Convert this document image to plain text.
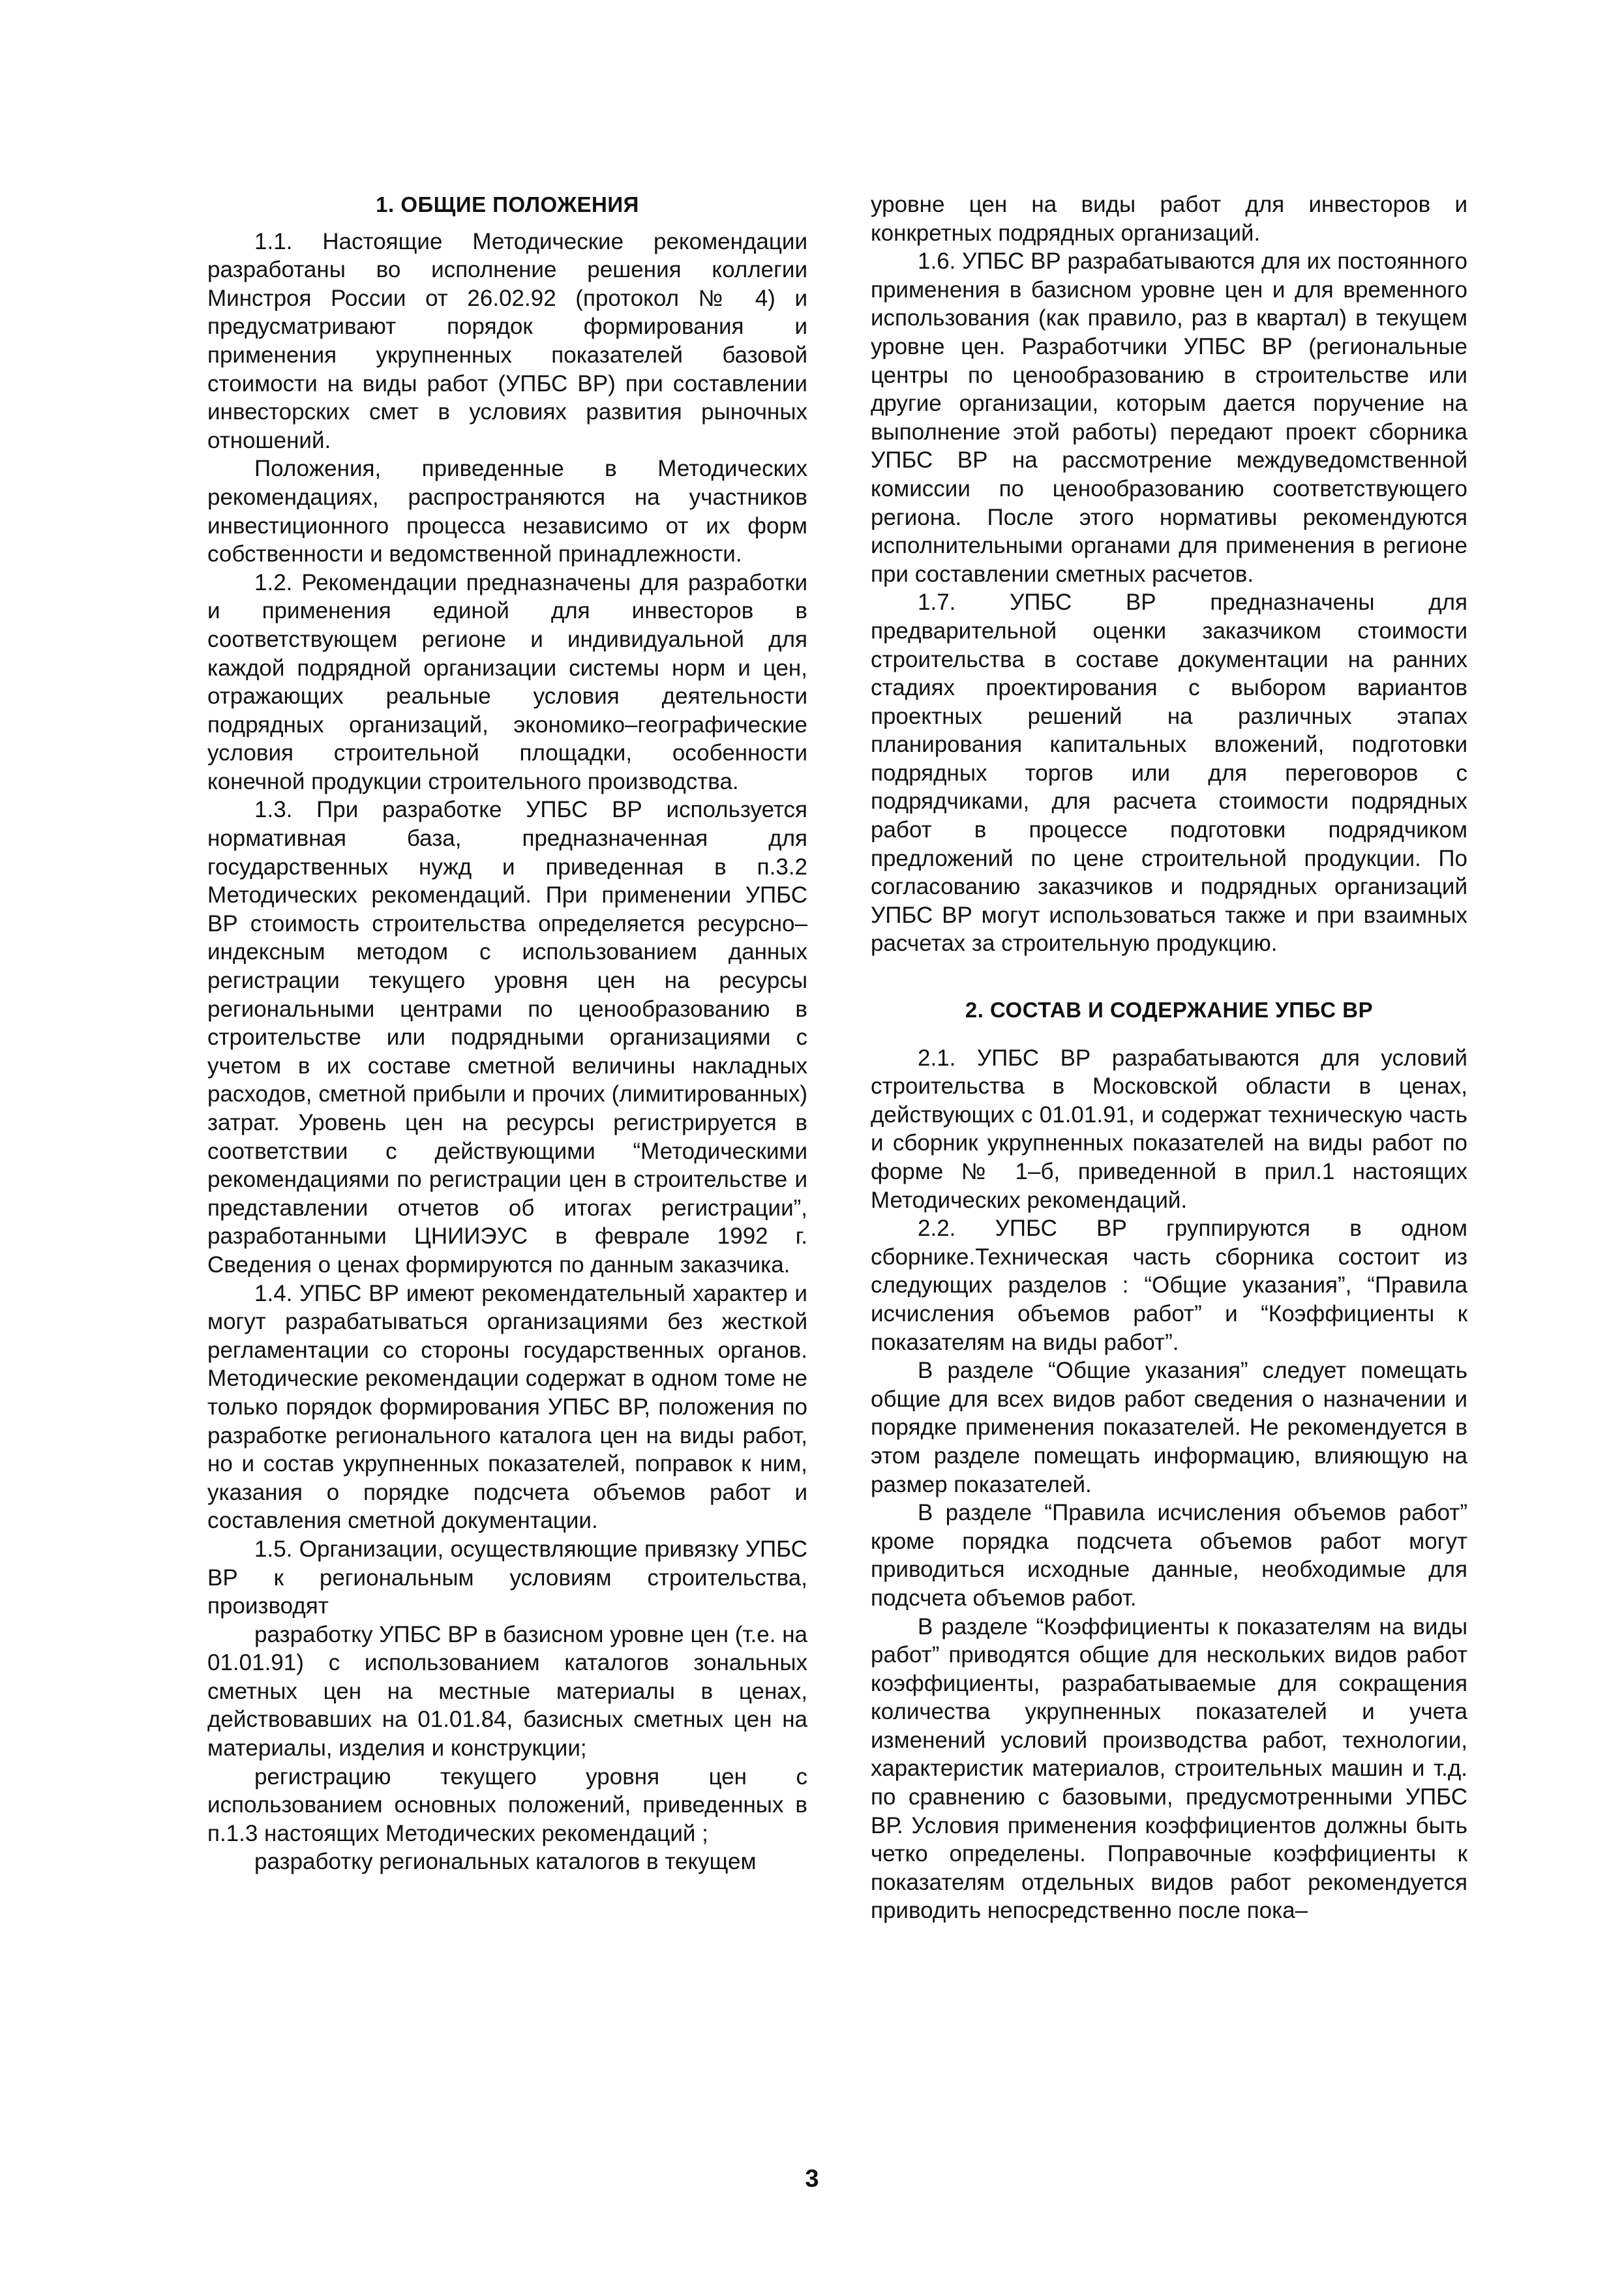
1. ОБЩИЕ ПОЛОЖЕНИЯ

1.1. Настоящие Методические рекомендации разработаны во исполнение решения коллегии Минстроя России от 26.02.92 (протокол № 4) и предусматривают порядок формирования и применения укрупненных показателей базовой стоимости на виды работ (УПБС ВР) при составлении инвесторских смет в условиях развития рыночных отношений.

Положения, приведенные в Методических рекомендациях, распространяются на участников инвестиционного процесса независимо от их форм собственности и ведомственной принадлежности.

1.2. Рекомендации предназначены для разработки и применения единой для инвесторов в соответствующем регионе и индивидуальной для каждой подрядной организации системы норм и цен, отражающих реальные условия деятельности подрядных организаций, экономико–географические условия строительной площадки, особенности конечной продукции строительного производства.

1.3. При разработке УПБС ВР используется нормативная база, предназначенная для государственных нужд и приведенная в п.3.2 Методических рекомендаций. При применении УПБС ВР стоимость строительства определяется ресурсно–индексным методом с использованием данных регистрации текущего уровня цен на ресурсы региональными центрами по ценообразованию в строительстве или подрядными организациями с учетом в их составе сметной величины накладных расходов, сметной прибыли и прочих (лимитированных) затрат. Уровень цен на ресурсы регистрируется в соответствии с действующими “Методическими рекомендациями по регистрации цен в строительстве и представлении отчетов об итогах регистрации”, разработанными ЦНИИЭУС в феврале 1992 г. Сведения о ценах формируются по данным заказчика.

1.4. УПБС ВР имеют рекомендательный характер и могут разрабатываться организациями без жесткой регламентации со стороны государственных органов. Методические рекомендации содержат в одном томе не только порядок формирования УПБС ВР, положения по разработке регионального каталога цен на виды работ, но и состав укрупненных показателей, поправок к ним, указания о порядке подсчета объемов работ и составления сметной документации.

1.5. Организации, осуществляющие привязку УПБС ВР к региональным условиям строительства, производят

разработку УПБС ВР в базисном уровне цен (т.е. на 01.01.91) с использованием каталогов зональных сметных цен на местные материалы в ценах, действовавших на 01.01.84, базисных сметных цен на материалы, изделия и конструкции;

регистрацию текущего уровня цен с использованием основных положений, приведенных в п.1.3 настоящих Методических рекомендаций ;

разработку региональных каталогов в текущем

уровне цен на виды работ для инвесторов и конкретных подрядных организаций.

1.6. УПБС ВР разрабатываются для их постоянного применения в базисном уровне цен и для временного использования (как правило, раз в квартал) в текущем уровне цен. Разработчики УПБС ВР (региональные центры по ценообразованию в строительстве или другие организации, которым дается поручение на выполнение этой работы) передают проект сборника УПБС ВР на рассмотрение междуведомственной комиссии по ценообразованию соответствующего региона. После этого нормативы рекомендуются исполнительными органами для применения в регионе при составлении сметных расчетов.

1.7. УПБС ВР предназначены для предварительной оценки заказчиком стоимости строительства в составе документации на ранних стадиях проектирования с выбором вариантов проектных решений на различных этапах планирования капитальных вложений, подготовки подрядных торгов или для переговоров с подрядчиками, для расчета стоимости подрядных работ в процессе подготовки подрядчиком предложений по цене строительной продукции. По согласованию заказчиков и подрядных организаций УПБС ВР могут использоваться также и при взаимных расчетах за строительную продукцию.

2. СОСТАВ И СОДЕРЖАНИЕ УПБС ВР

2.1. УПБС ВР разрабатываются для условий строительства в Московской области в ценах, действующих с 01.01.91, и содержат техническую часть и сборник укрупненных показателей на виды работ по форме № 1–б, приведенной в прил.1 настоящих Методических рекомендаций.

2.2. УПБС ВР группируются в одном сборнике.Техническая часть сборника состоит из следующих разделов : “Общие указания”, “Правила исчисления объемов работ” и “Коэффициенты к показателям на виды работ”.

В разделе “Общие указания” следует помещать общие для всех видов работ сведения о назначении и порядке применения показателей. Не рекомендуется в этом разделе помещать информацию, влияющую на размер показателей.

В разделе “Правила исчисления объемов работ” кроме порядка подсчета объемов работ могут приводиться исходные данные, необходимые для подсчета объемов работ.

В разделе “Коэффициенты к показателям на виды работ” приводятся общие для нескольких видов работ коэффициенты, разрабатываемые для сокращения количества укрупненных показателей и учета изменений условий производства работ, технологии, характеристик материалов, строительных машин и т.д. по сравнению с базовыми, предусмотренными УПБС ВР. Условия применения коэффициентов должны быть четко определены. Поправочные коэффициенты к показателям отдельных видов работ рекомендуется приводить непосредственно после пока–

3
